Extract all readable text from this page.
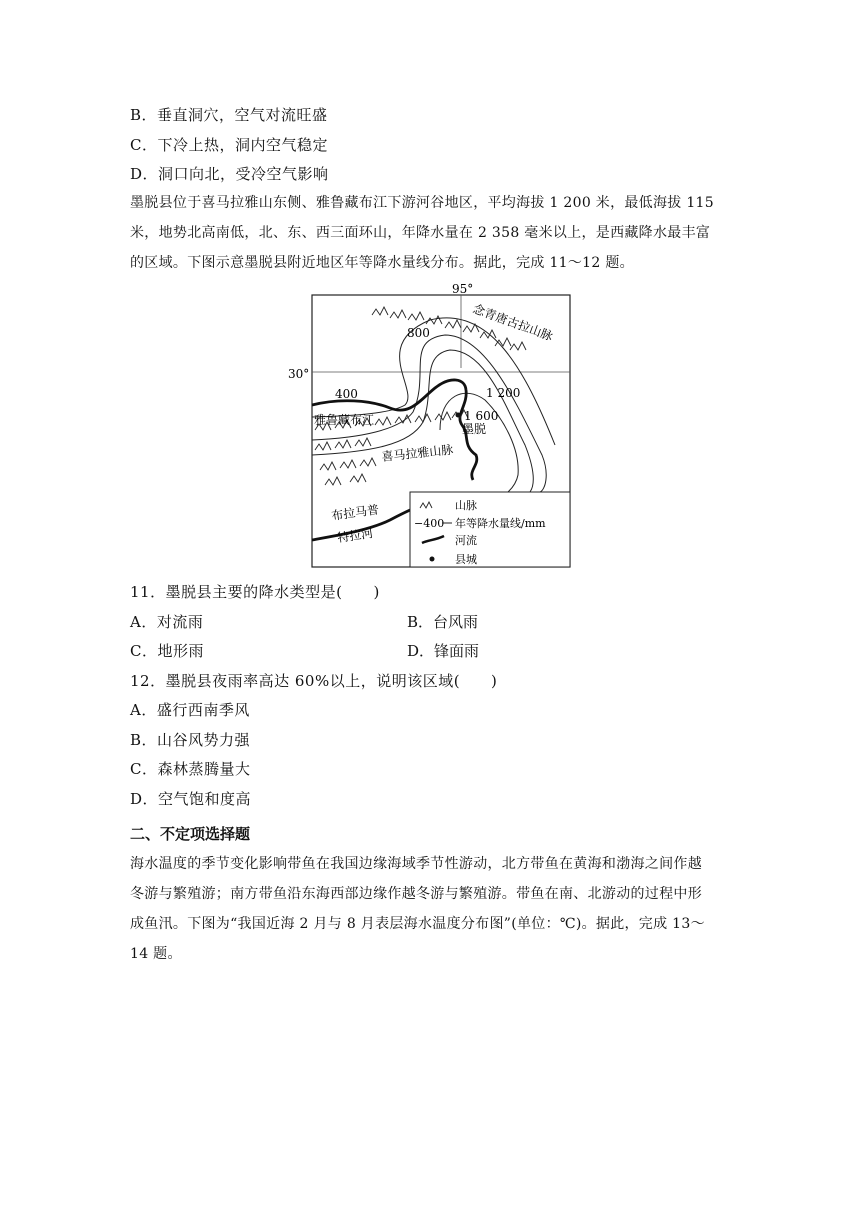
B．垂直洞穴，空气对流旺盛
C．下冷上热，洞内空气稳定
D．洞口向北，受冷空气影响
墨脱县位于喜马拉雅山东侧、雅鲁藏布江下游河谷地区，平均海拔 1 200 米，最低海拔 115
米，地势北高南低，北、东、西三面环山，年降水量在 2 358 毫米以上，是西藏降水最丰富
的区域。下图示意墨脱县附近地区年等降水量线分布。据此，完成 11～12 题。
95°
30°
800
400	1 200
1 600
墨脱
雅鲁藏布江
喜马拉雅山脉
念青唐古拉山脉
布拉马普
特拉河
山脉
−400 年等降水量线/mm
河流
县城
11．墨脱县主要的降水类型是(　　)
A．对流雨	B．台风雨
C．地形雨	D．锋面雨
12．墨脱县夜雨率高达 60%以上，说明该区域(　　)
A．盛行西南季风
B．山谷风势力强
C．森林蒸腾量大
D．空气饱和度高
二、不定项选择题
海水温度的季节变化影响带鱼在我国边缘海域季节性游动，北方带鱼在黄海和渤海之间作越
冬游与繁殖游；南方带鱼沿东海西部边缘作越冬游与繁殖游。带鱼在南、北游动的过程中形
成鱼汛。下图为“我国近海 2 月与 8 月表层海水温度分布图”(单位：℃)。据此，完成 13～
14 题。
